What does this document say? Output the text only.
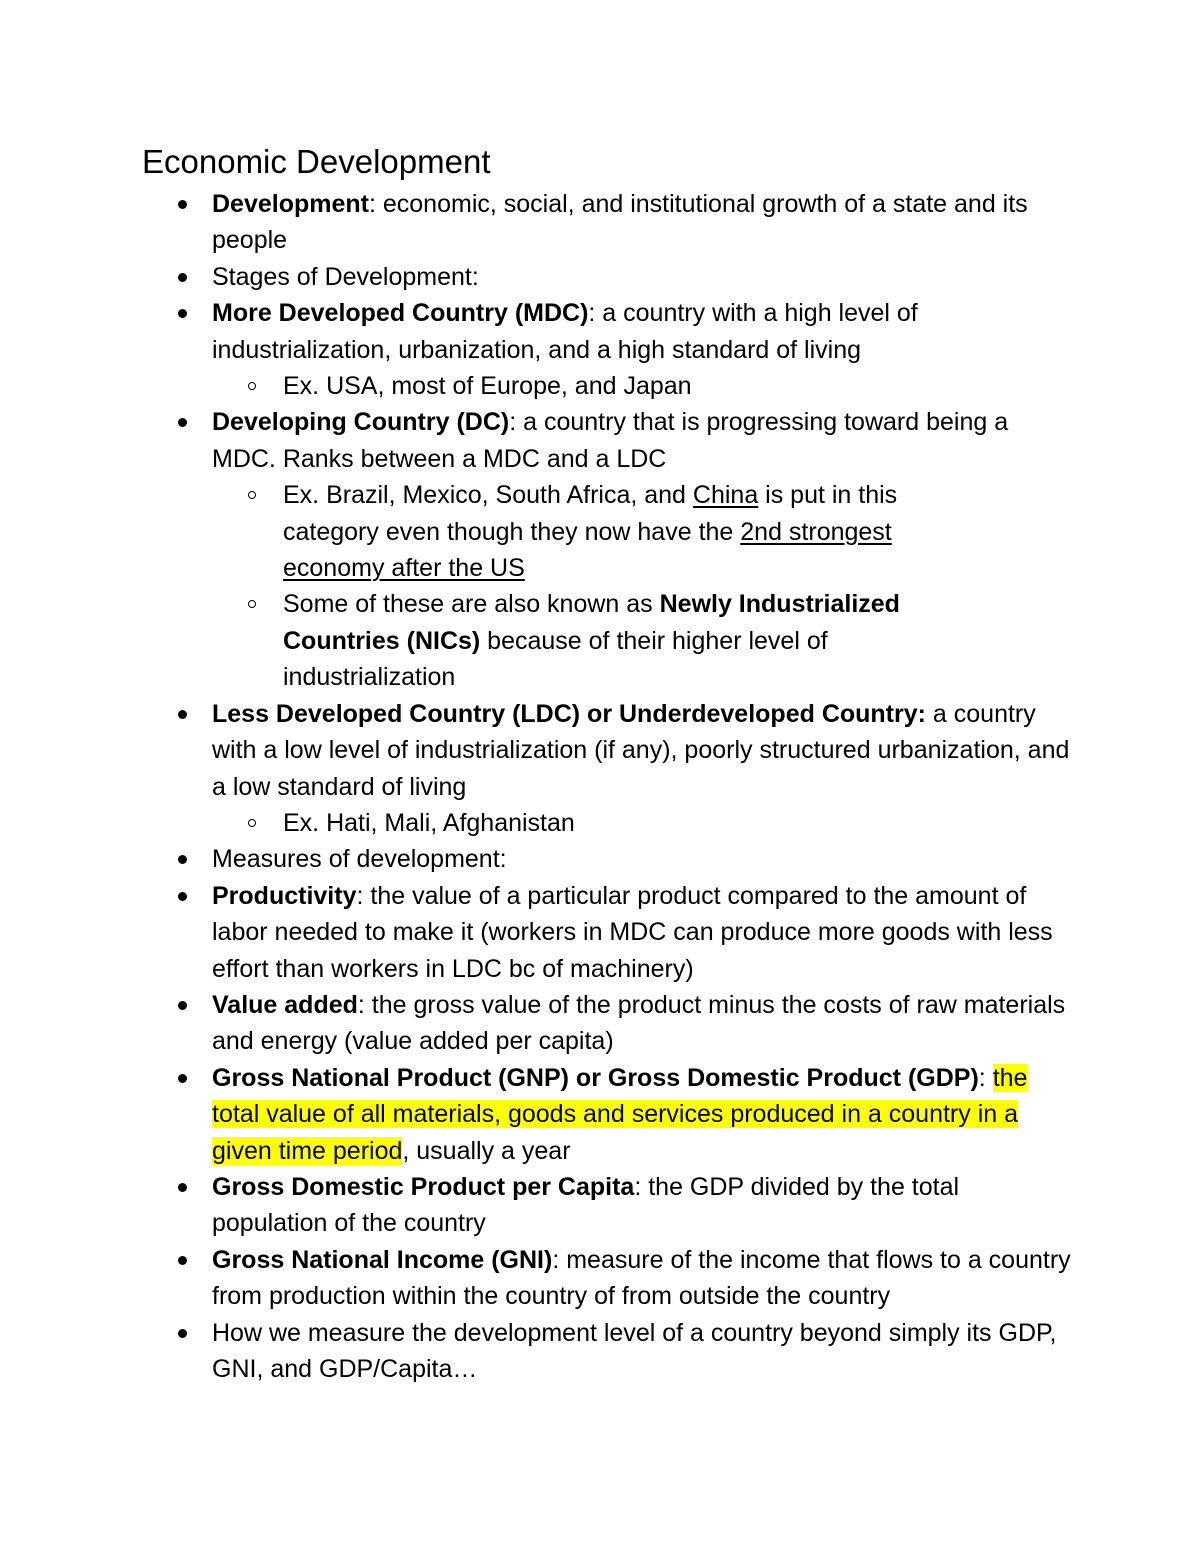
Economic Development
Development: economic, social, and institutional growth of a state and its people
Stages of Development:
More Developed Country (MDC): a country with a high level of industrialization, urbanization, and a high standard of living
Ex. USA, most of Europe, and Japan
Developing Country (DC): a country that is progressing toward being a MDC. Ranks between a MDC and a LDC
Ex. Brazil, Mexico, South Africa, and China is put in this category even though they now have the 2nd strongest economy after the US
Some of these are also known as Newly Industrialized Countries (NICs) because of their higher level of industrialization
Less Developed Country (LDC) or Underdeveloped Country: a country with a low level of industrialization (if any), poorly structured urbanization, and a low standard of living
Ex. Hati, Mali, Afghanistan
Measures of development:
Productivity: the value of a particular product compared to the amount of labor needed to make it (workers in MDC can produce more goods with less effort than workers in LDC bc of machinery)
Value added: the gross value of the product minus the costs of raw materials and energy (value added per capita)
Gross National Product (GNP) or Gross Domestic Product (GDP): the total value of all materials, goods and services produced in a country in a given time period, usually a year
Gross Domestic Product per Capita: the GDP divided by the total population of the country
Gross National Income (GNI): measure of the income that flows to a country from production within the country of from outside the country
How we measure the development level of a country beyond simply its GDP, GNI, and GDP/Capita…
